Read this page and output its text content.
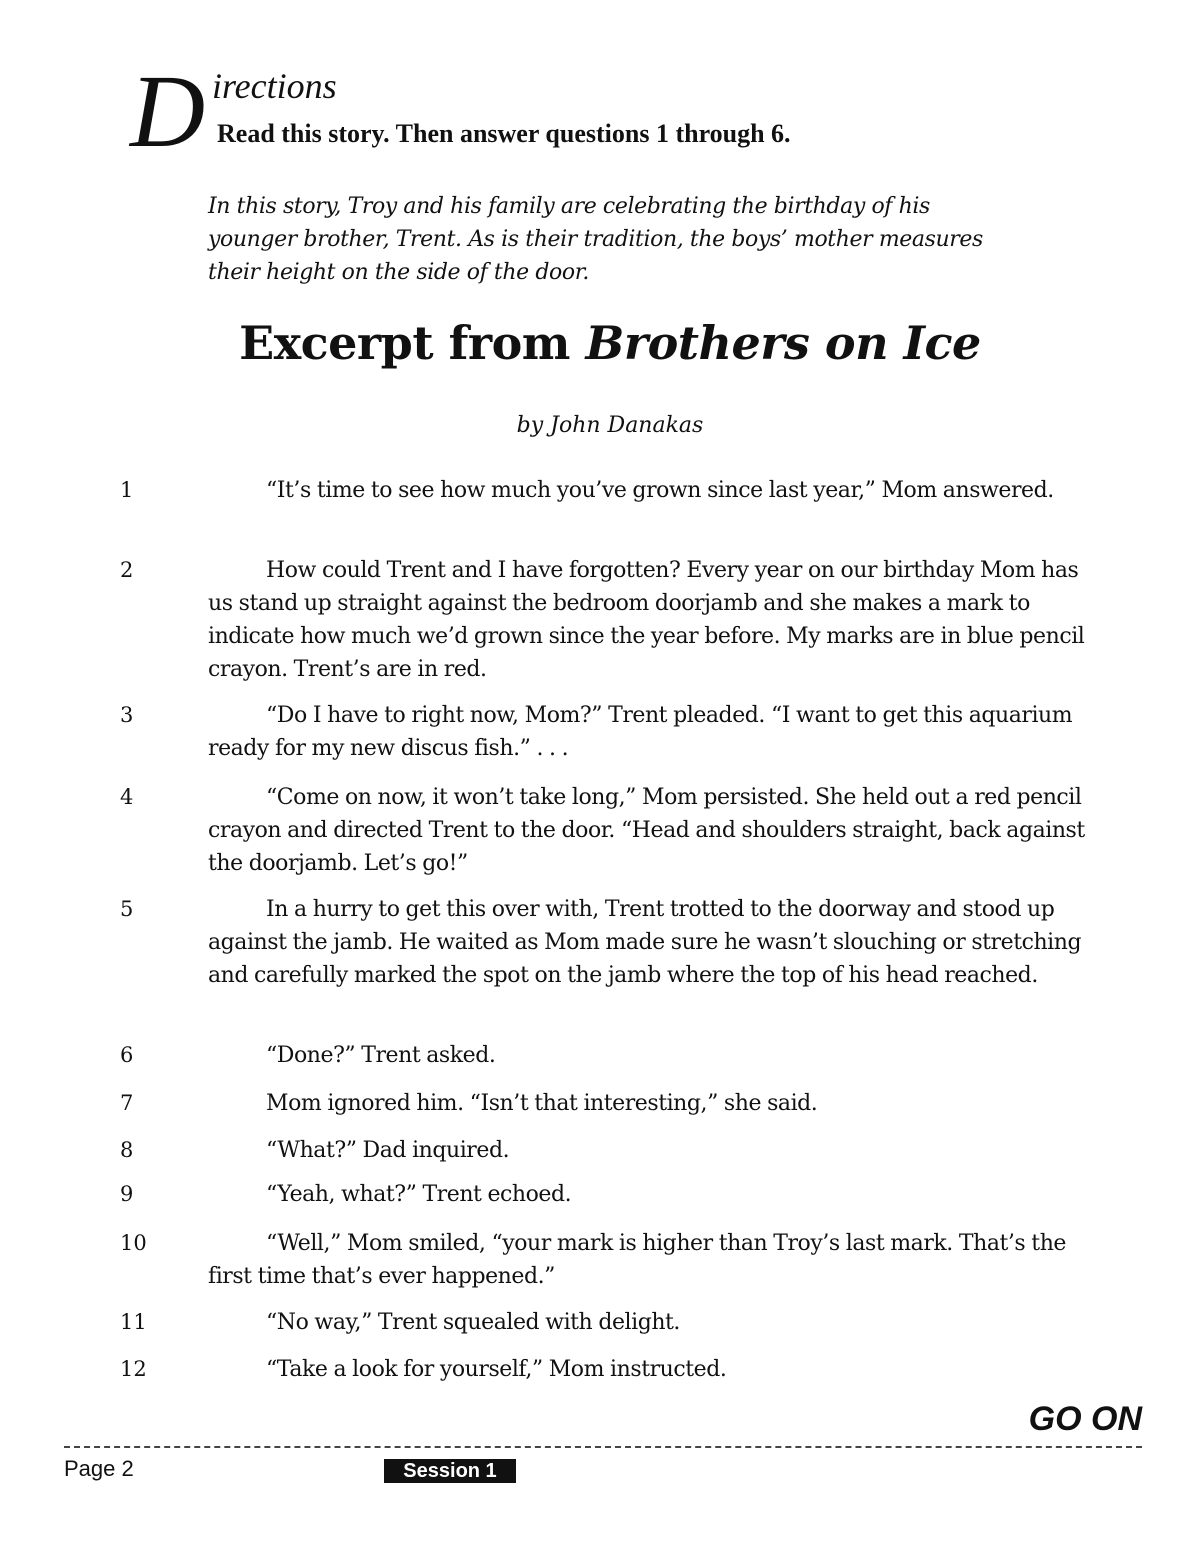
D irections
Read this story. Then answer questions 1 through 6.

In this story, Troy and his family are celebrating the birthday of his younger brother, Trent. As is their tradition, the boys’ mother measures their height on the side of the door.

Excerpt from Brothers on Ice
by John Danakas
1	“It’s time to see how much you’ve grown since last year,” Mom answered.

2	How could Trent and I have forgotten? Every year on our birthday Mom has us stand up straight against the bedroom doorjamb and she makes a mark to indicate how much we’d grown since the year before. My marks are in blue pencil crayon. Trent’s are in red.

3	“Do I have to right now, Mom?” Trent pleaded. “I want to get this aquarium ready for my new discus fish.” . . .

4	“Come on now, it won’t take long,” Mom persisted. She held out a red pencil crayon and directed Trent to the door. “Head and shoulders straight, back against the doorjamb. Let’s go!”

5	In a hurry to get this over with, Trent trotted to the doorway and stood up against the jamb. He waited as Mom made sure he wasn’t slouching or stretching and carefully marked the spot on the jamb where the top of his head reached.

6	“Done?” Trent asked.

7	Mom ignored him. “Isn’t that interesting,” she said.

8	“What?” Dad inquired.

9	“Yeah, what?” Trent echoed.

10	“Well,” Mom smiled, “your mark is higher than Troy’s last mark. That’s the first time that’s ever happened.”

11	“No way,” Trent squealed with delight.

12	“Take a look for yourself,” Mom instructed.

GO ON
Page 2	Session 1
